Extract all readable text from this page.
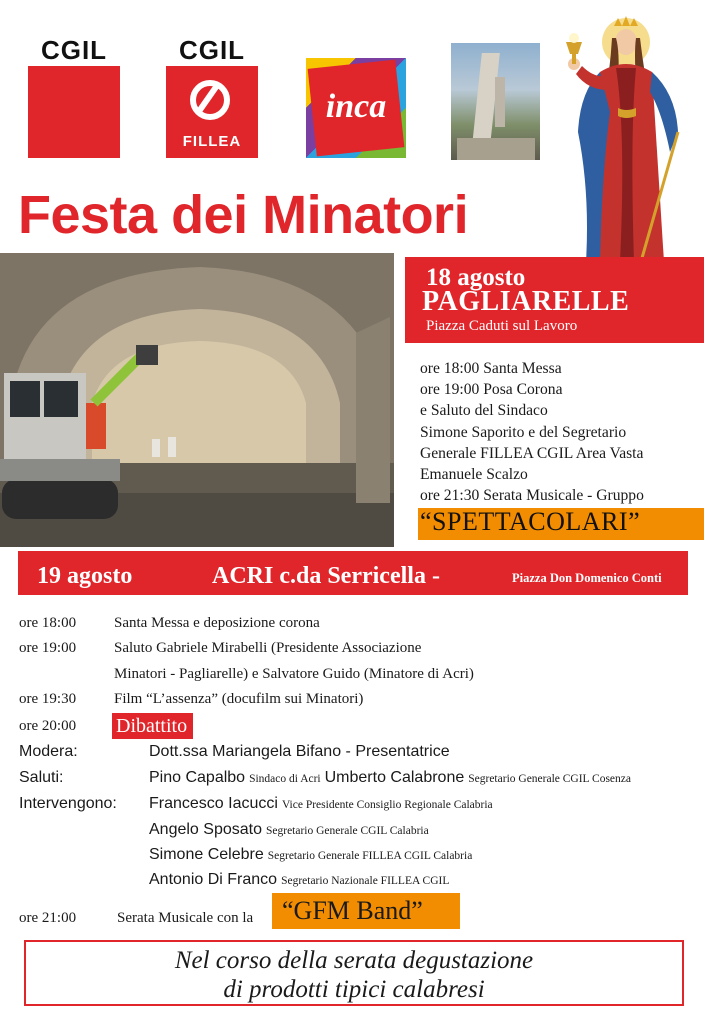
CGIL	CGIL
FILLEA
inca
Festa dei Minatori
18 agosto
PAGLIARELLE
Piazza Caduti sul Lavoro
ore 18:00 Santa Messa
ore 19:00 Posa Corona
e Saluto del Sindaco
Simone Saporito e del Segretario
Generale FILLEA CGIL Area Vasta
Emanuele Scalzo
ore 21:30 Serata Musicale - Gruppo
“SPETTACOLARI”
19 agosto	ACRI c.da Serricella -	Piazza Don Domenico Conti
ore 18:00	Santa Messa e deposizione corona
ore 19:00	Saluto Gabriele Mirabelli (Presidente Associazione
Minatori - Pagliarelle) e Salvatore Guido (Minatore di Acri)
ore 19:30	Film “L’assenza” (docufilm sui Minatori)
ore 20:00 Dibattito
Modera:	Dott.ssa Mariangela Bifano - Presentatrice
Saluti:	Pino Capalbo Sindaco di Acri Umberto Calabrone Segretario Generale CGIL Cosenza
Intervengono: Francesco Iacucci Vice Presidente Consiglio Regionale Calabria
Angelo Sposato Segretario Generale CGIL Calabria
Simone Celebre Segretario Generale FILLEA CGIL Calabria
Antonio Di Franco Segretario Nazionale FILLEA CGIL
ore 21:00	Serata Musicale con la “GFM Band”
Nel corso della serata degustazione
di prodotti tipici calabresi
